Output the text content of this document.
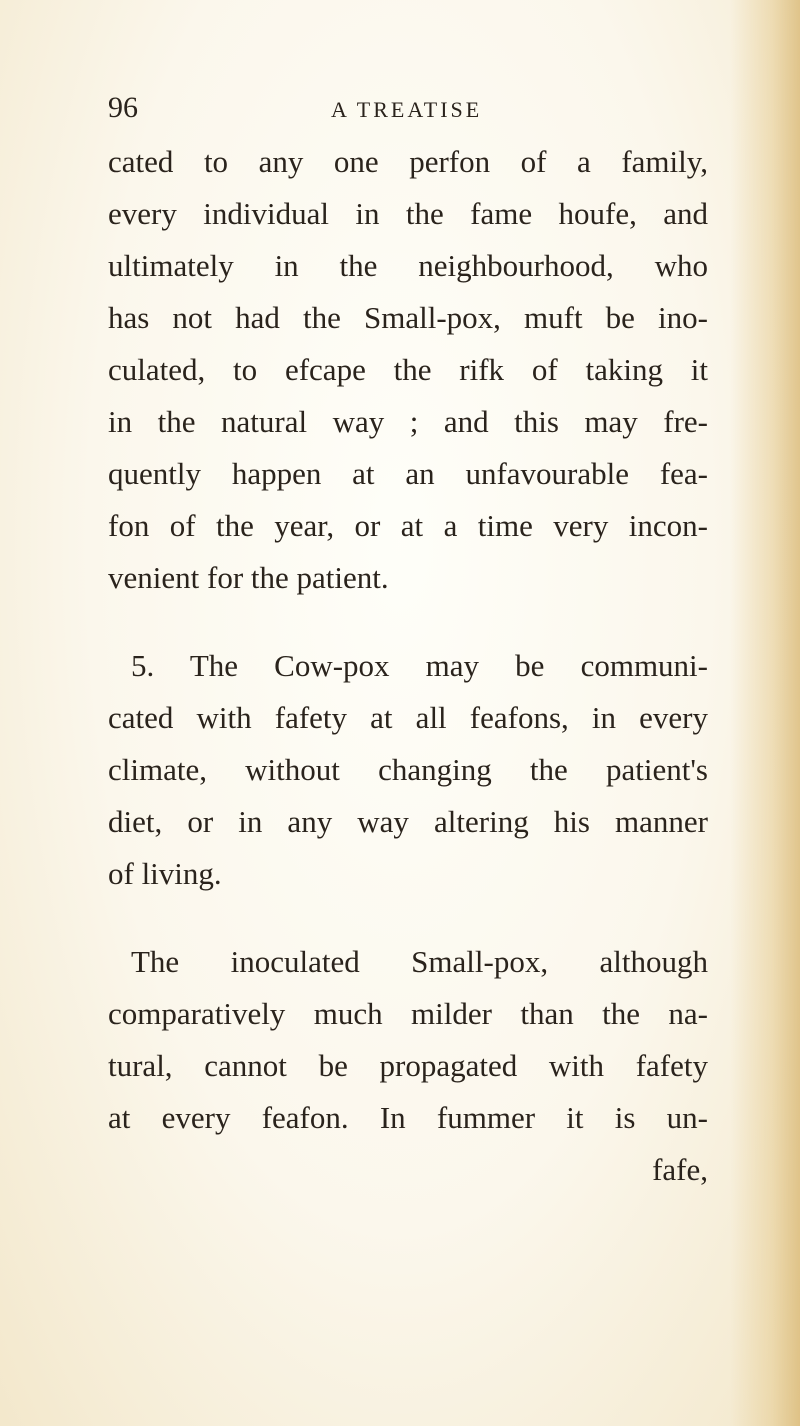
96	A TREATISE
cated to any one perfon of a family,
every individual in the fame houfe, and
ultimately in the neighbourhood, who
has not had the Small-pox, muft be ino-
culated, to efcape the rifk of taking it
in the natural way ; and this may fre-
quently happen at an unfavourable fea-
fon of the year, or at a time very incon-
venient for the patient.
5. The Cow-pox may be communi-
cated with fafety at all feafons, in every
climate, without changing the patient's
diet, or in any way altering his manner
of living.
The inoculated Small-pox, although
comparatively much milder than the na-
tural, cannot be propagated with fafety
at every feafon. In fummer it is un-
fafe,
